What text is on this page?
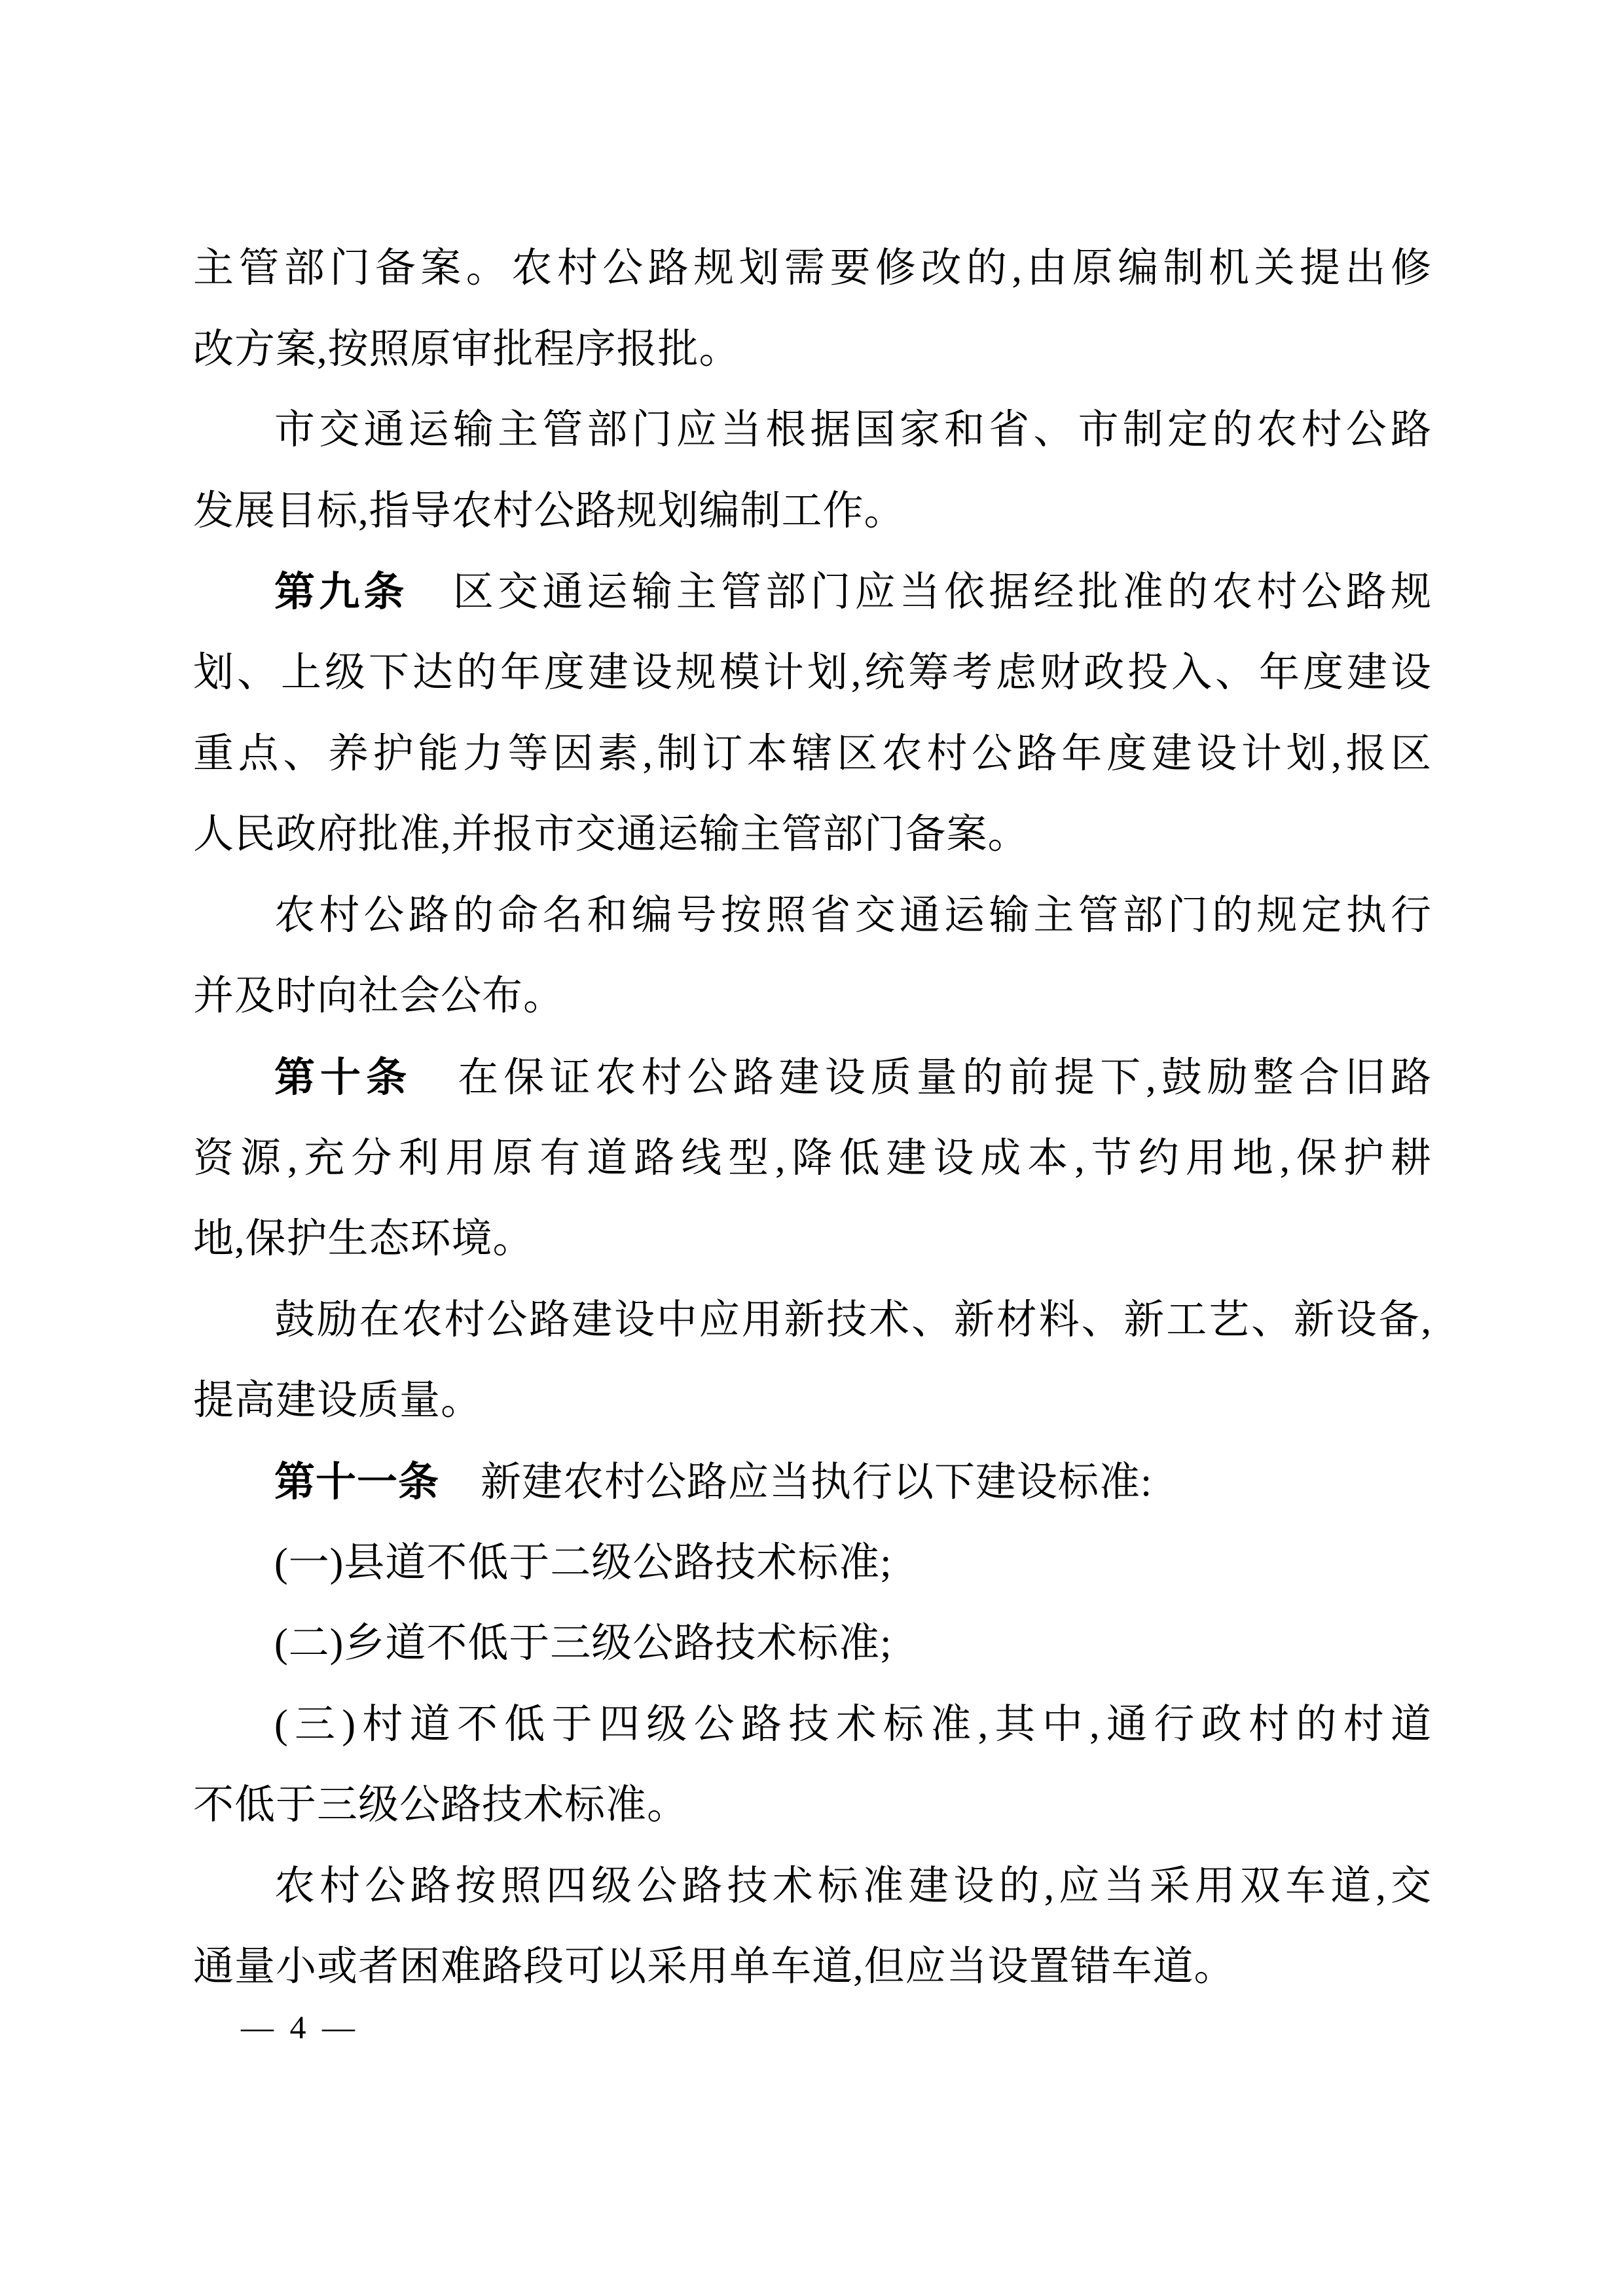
主管部门备案。农村公路规划需要修改的,由原编制机关提出修
改方案,按照原审批程序报批。
市交通运输主管部门应当根据国家和省、市制定的农村公路
发展目标,指导农村公路规划编制工作。
第九条　区交通运输主管部门应当依据经批准的农村公路规
划、上级下达的年度建设规模计划,统筹考虑财政投入、年度建设
重点、养护能力等因素,制订本辖区农村公路年度建设计划,报区
人民政府批准,并报市交通运输主管部门备案。
农村公路的命名和编号按照省交通运输主管部门的规定执行
并及时向社会公布。
第十条　在保证农村公路建设质量的前提下,鼓励整合旧路
资源,充分利用原有道路线型,降低建设成本,节约用地,保护耕
地,保护生态环境。
鼓励在农村公路建设中应用新技术、新材料、新工艺、新设备,
提高建设质量。
第十一条　新建农村公路应当执行以下建设标准:
(一)县道不低于二级公路技术标准;
(二)乡道不低于三级公路技术标准;
(三)村道不低于四级公路技术标准,其中,通行政村的村道
不低于三级公路技术标准。
农村公路按照四级公路技术标准建设的,应当采用双车道,交
通量小或者困难路段可以采用单车道,但应当设置错车道。
— 4 —
